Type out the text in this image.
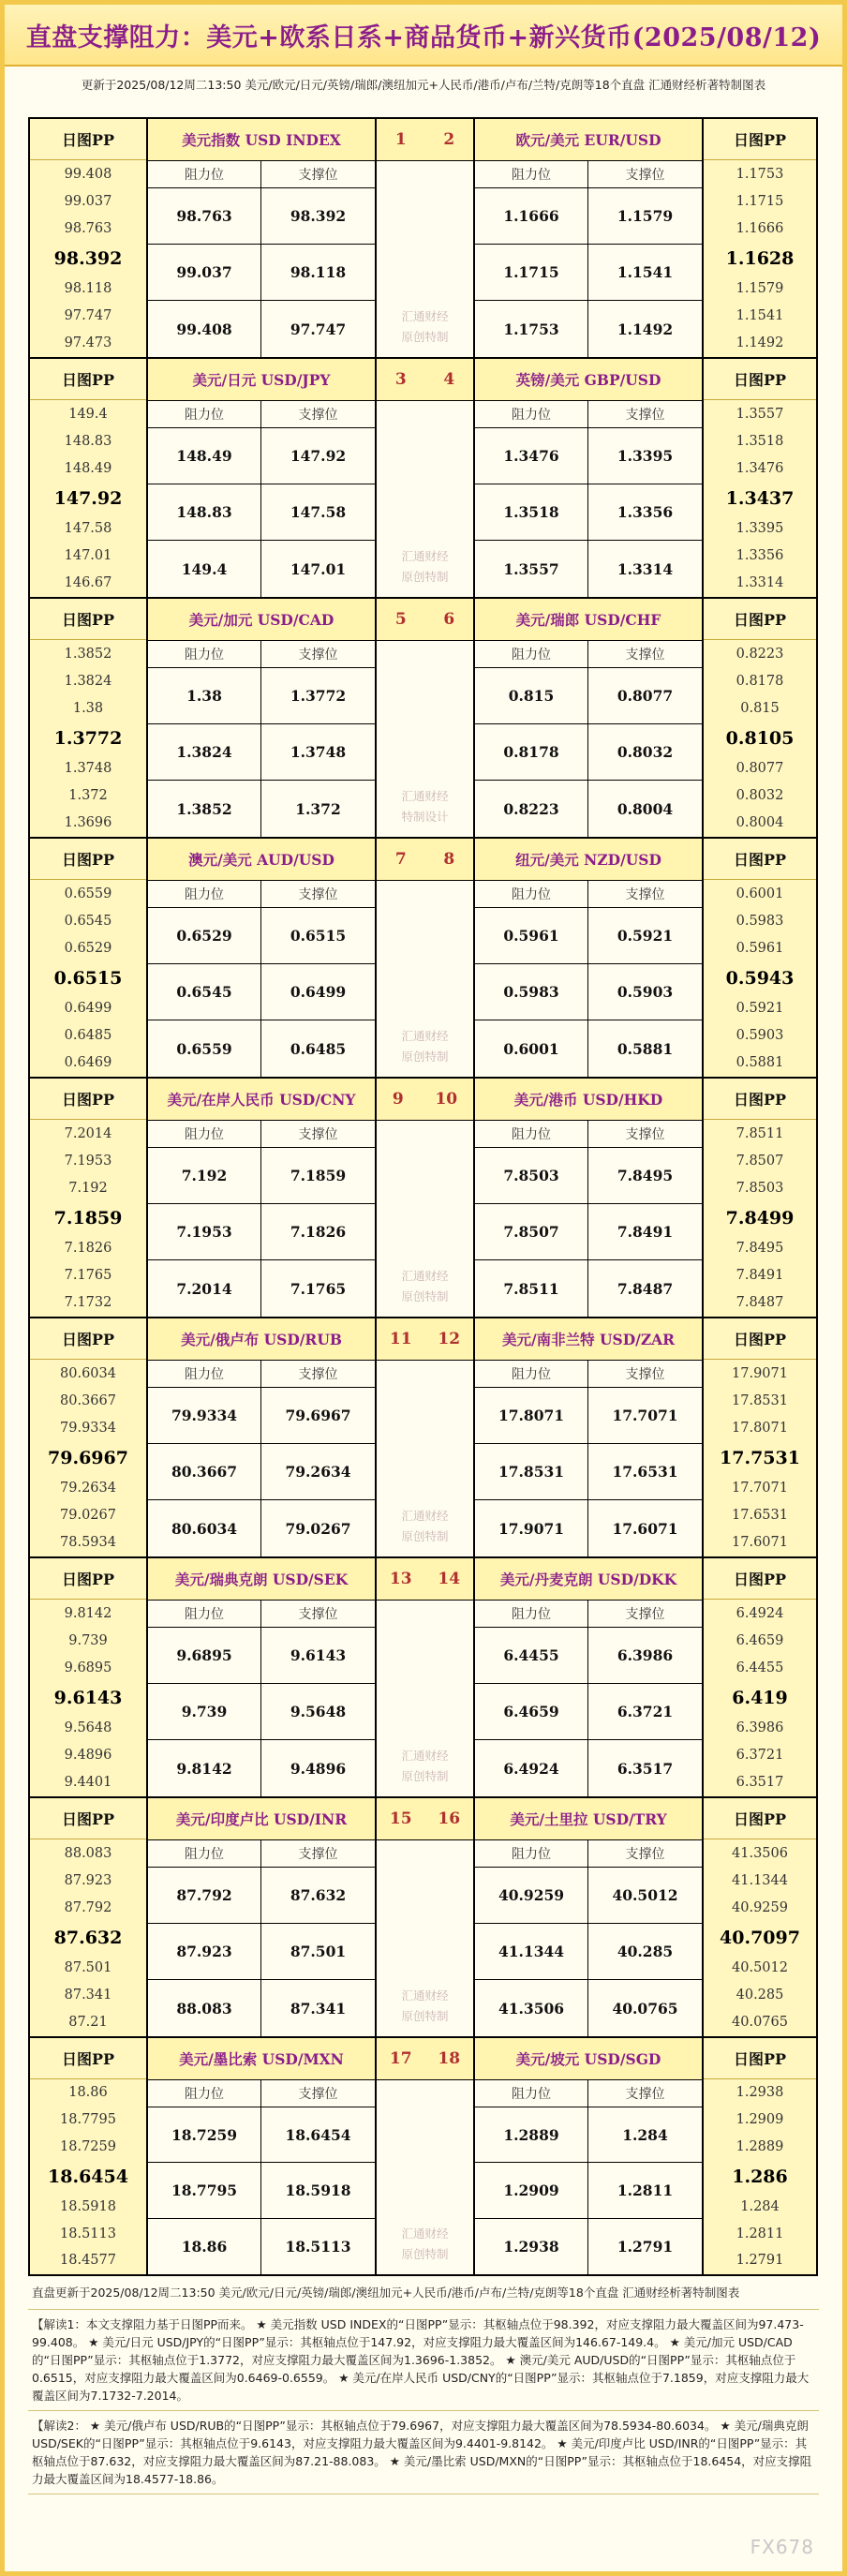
直盘支撑阻力：美元+欧系日系+商品货币+新兴货币(2025/08/12)
更新于2025/08/12周二13:50 美元/欧元/日元/英镑/瑞郎/澳纽加元+人民币/港币/卢布/兰特/克朗等18个直盘 汇通财经析著特制图表
日图PP
99.408
99.037
98.763
98.392
98.118
97.747
97.473
美元指数 USD INDEX
阻力位	支撑位
98.763	98.392
99.037	98.118
99.408	97.747
1 2
汇通财经
原创特制
欧元/美元 EUR/USD
阻力位	支撑位
1.1666	1.1579
1.1715	1.1541
1.1753	1.1492
日图PP
1.1753
1.1715
1.1666
1.1628
1.1579
1.1541
1.1492
日图PP
149.4
148.83
148.49
147.92
147.58
147.01
146.67
美元/日元 USD/JPY
阻力位	支撑位
148.49	147.92
148.83	147.58
149.4	147.01
3 4
汇通财经
原创特制
英镑/美元 GBP/USD
阻力位	支撑位
1.3476	1.3395
1.3518	1.3356
1.3557	1.3314
日图PP
1.3557
1.3518
1.3476
1.3437
1.3395
1.3356
1.3314
日图PP
1.3852
1.3824
1.38
1.3772
1.3748
1.372
1.3696
美元/加元 USD/CAD
阻力位	支撑位
1.38	1.3772
1.3824	1.3748
1.3852	1.372
5 6
汇通财经
特制设计
美元/瑞郎 USD/CHF
阻力位	支撑位
0.815	0.8077
0.8178	0.8032
0.8223	0.8004
日图PP
0.8223
0.8178
0.815
0.8105
0.8077
0.8032
0.8004
日图PP
0.6559
0.6545
0.6529
0.6515
0.6499
0.6485
0.6469
澳元/美元 AUD/USD
阻力位	支撑位
0.6529	0.6515
0.6545	0.6499
0.6559	0.6485
7 8
汇通财经
原创特制
纽元/美元 NZD/USD
阻力位	支撑位
0.5961	0.5921
0.5983	0.5903
0.6001	0.5881
日图PP
0.6001
0.5983
0.5961
0.5943
0.5921
0.5903
0.5881
日图PP
7.2014
7.1953
7.192
7.1859
7.1826
7.1765
7.1732
美元/在岸人民币 USD/CNY
阻力位	支撑位
7.192	7.1859
7.1953	7.1826
7.2014	7.1765
9 10
汇通财经
原创特制
美元/港币 USD/HKD
阻力位	支撑位
7.8503	7.8495
7.8507	7.8491
7.8511	7.8487
日图PP
7.8511
7.8507
7.8503
7.8499
7.8495
7.8491
7.8487
日图PP
80.6034
80.3667
79.9334
79.6967
79.2634
79.0267
78.5934
美元/俄卢布 USD/RUB
阻力位	支撑位
79.9334	79.6967
80.3667	79.2634
80.6034	79.0267
11 12
汇通财经
原创特制
美元/南非兰特 USD/ZAR
阻力位	支撑位
17.8071	17.7071
17.8531	17.6531
17.9071	17.6071
日图PP
17.9071
17.8531
17.8071
17.7531
17.7071
17.6531
17.6071
日图PP
9.8142
9.739
9.6895
9.6143
9.5648
9.4896
9.4401
美元/瑞典克朗 USD/SEK
阻力位	支撑位
9.6895	9.6143
9.739	9.5648
9.8142	9.4896
13 14
汇通财经
原创特制
美元/丹麦克朗 USD/DKK
阻力位	支撑位
6.4455	6.3986
6.4659	6.3721
6.4924	6.3517
日图PP
6.4924
6.4659
6.4455
6.419
6.3986
6.3721
6.3517
日图PP
88.083
87.923
87.792
87.632
87.501
87.341
87.21
美元/印度卢比 USD/INR
阻力位	支撑位
87.792	87.632
87.923	87.501
88.083	87.341
15 16
汇通财经
原创特制
美元/土里拉 USD/TRY
阻力位	支撑位
40.9259	40.5012
41.1344	40.285
41.3506	40.0765
日图PP
41.3506
41.1344
40.9259
40.7097
40.5012
40.285
40.0765
日图PP
18.86
18.7795
18.7259
18.6454
18.5918
18.5113
18.4577
美元/墨比索 USD/MXN
阻力位	支撑位
18.7259	18.6454
18.7795	18.5918
18.86	18.5113
17 18
汇通财经
原创特制
美元/坡元 USD/SGD
阻力位	支撑位
1.2889	1.284
1.2909	1.2811
1.2938	1.2791
日图PP
1.2938
1.2909
1.2889
1.286
1.284
1.2811
1.2791
直盘更新于2025/08/12周二13:50 美元/欧元/日元/英镑/瑞郎/澳纽加元+人民币/港币/卢布/兰特/克朗等18个直盘 汇通财经析著特制图表
【解读1：本文支撑阻力基于日图PP而来。 ★ 美元指数 USD INDEX的“日图PP”显示：其枢轴点位于98.392，对应支撑阻力最大覆盖区间为97.473-99.408。 ★ 美元/日元 USD/JPY的“日图PP”显示：其枢轴点位于147.92，对应支撑阻力最大覆盖区间为146.67-149.4。 ★ 美元/加元 USD/CAD的“日图PP”显示：其枢轴点位于1.3772，对应支撑阻力最大覆盖区间为1.3696-1.3852。 ★ 澳元/美元 AUD/USD的“日图PP”显示：其枢轴点位于0.6515，对应支撑阻力最大覆盖区间为0.6469-0.6559。 ★ 美元/在岸人民币 USD/CNY的“日图PP”显示：其枢轴点位于7.1859，对应支撑阻力最大覆盖区间为7.1732-7.2014。
【解读2： ★ 美元/俄卢布 USD/RUB的“日图PP”显示：其枢轴点位于79.6967，对应支撑阻力最大覆盖区间为78.5934-80.6034。 ★ 美元/瑞典克朗 USD/SEK的“日图PP”显示：其枢轴点位于9.6143，对应支撑阻力最大覆盖区间为9.4401-9.8142。 ★ 美元/印度卢比 USD/INR的“日图PP”显示：其枢轴点位于87.632，对应支撑阻力最大覆盖区间为87.21-88.083。 ★ 美元/墨比索 USD/MXN的“日图PP”显示：其枢轴点位于18.6454，对应支撑阻力最大覆盖区间为18.4577-18.86。
FX678
